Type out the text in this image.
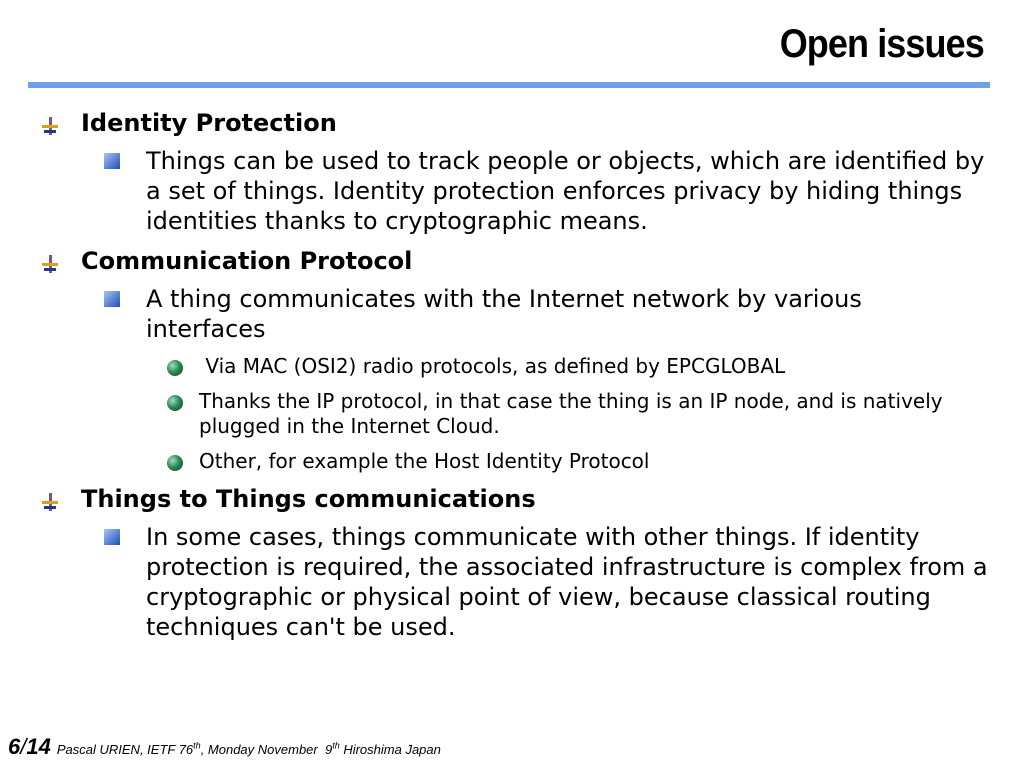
Open issues
Identity Protection
Things can be used to track people or objects, which are identified by a set of things. Identity protection enforces privacy by hiding things identities thanks to cryptographic means.
Communication Protocol
A thing communicates with the Internet network by various interfaces
Via MAC (OSI2) radio protocols, as defined by EPCGLOBAL
Thanks the IP protocol, in that case the thing is an IP node, and is natively plugged in the Internet Cloud.
Other, for example the Host Identity Protocol
Things to Things communications
In some cases, things communicate with other things. If identity protection is required, the associated infrastructure is complex from a cryptographic or physical point of view, because classical routing techniques can't be used.
6/14 Pascal URIEN, IETF 76th, Monday November  9th Hiroshima Japan
